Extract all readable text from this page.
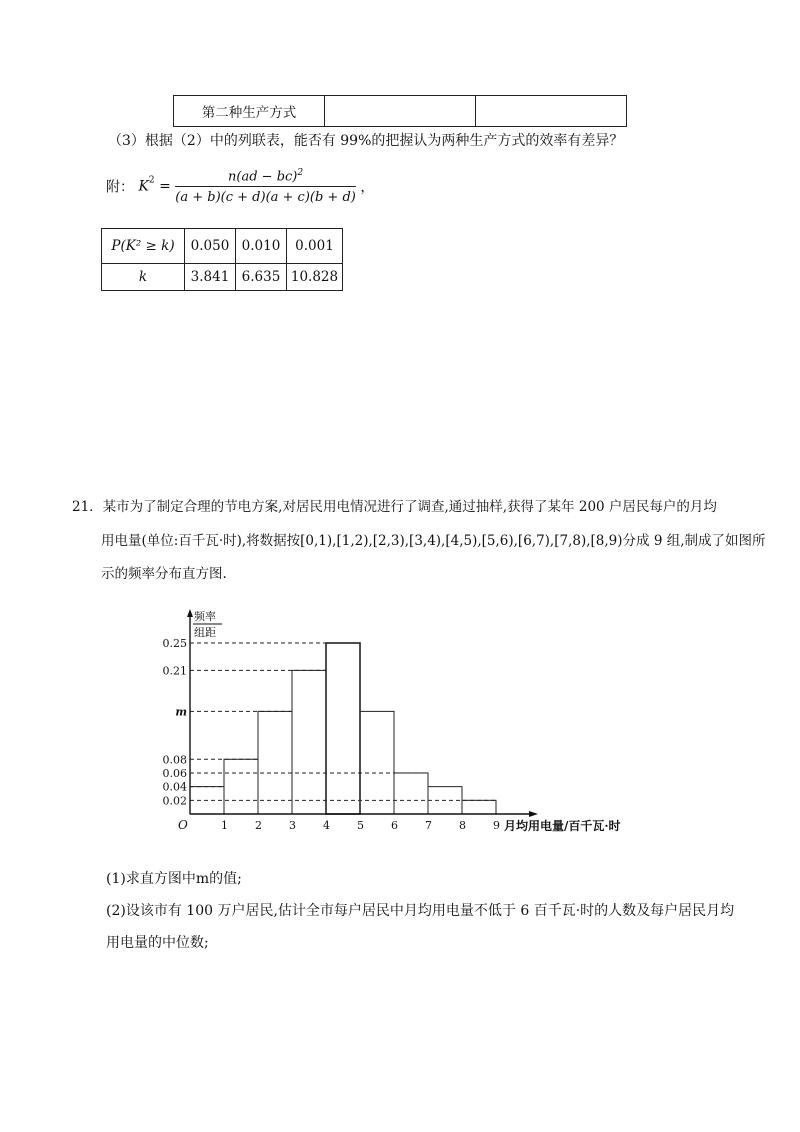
第二种生产方式		
（3）根据（2）中的列联表，能否有 99%的把握认为两种生产方式的效率有差异？
附： $K^2 = \frac{n(ad - bc)^2}{(a + b)(c + d)(a + c)(b + d)}$ ，
P(K² ≥ k)	0.050	0.010	0.001
k	3.841	6.635	10.828
21．某市为了制定合理的节电方案,对居民用电情况进行了调查,通过抽样,获得了某年 200 户居民每户的月均
用电量(单位:百千瓦·时),将数据按[0,1),[1,2),[2,3),[3,4),[4,5),[5,6),[6,7),[7,8),[8,9)分成 9 组,制成了如图所
示的频率分布直方图.
0.02
0.04
0.06
0.08
m
0.21
0.25
频率
组距
O	1 2 3 4 5 6 7 8 9 月均用电量/百千瓦·时
(1)求直方图中m的值;
(2)设该市有 100 万户居民,估计全市每户居民中月均用电量不低于 6 百千瓦·时的人数及每户居民月均
用电量的中位数;
